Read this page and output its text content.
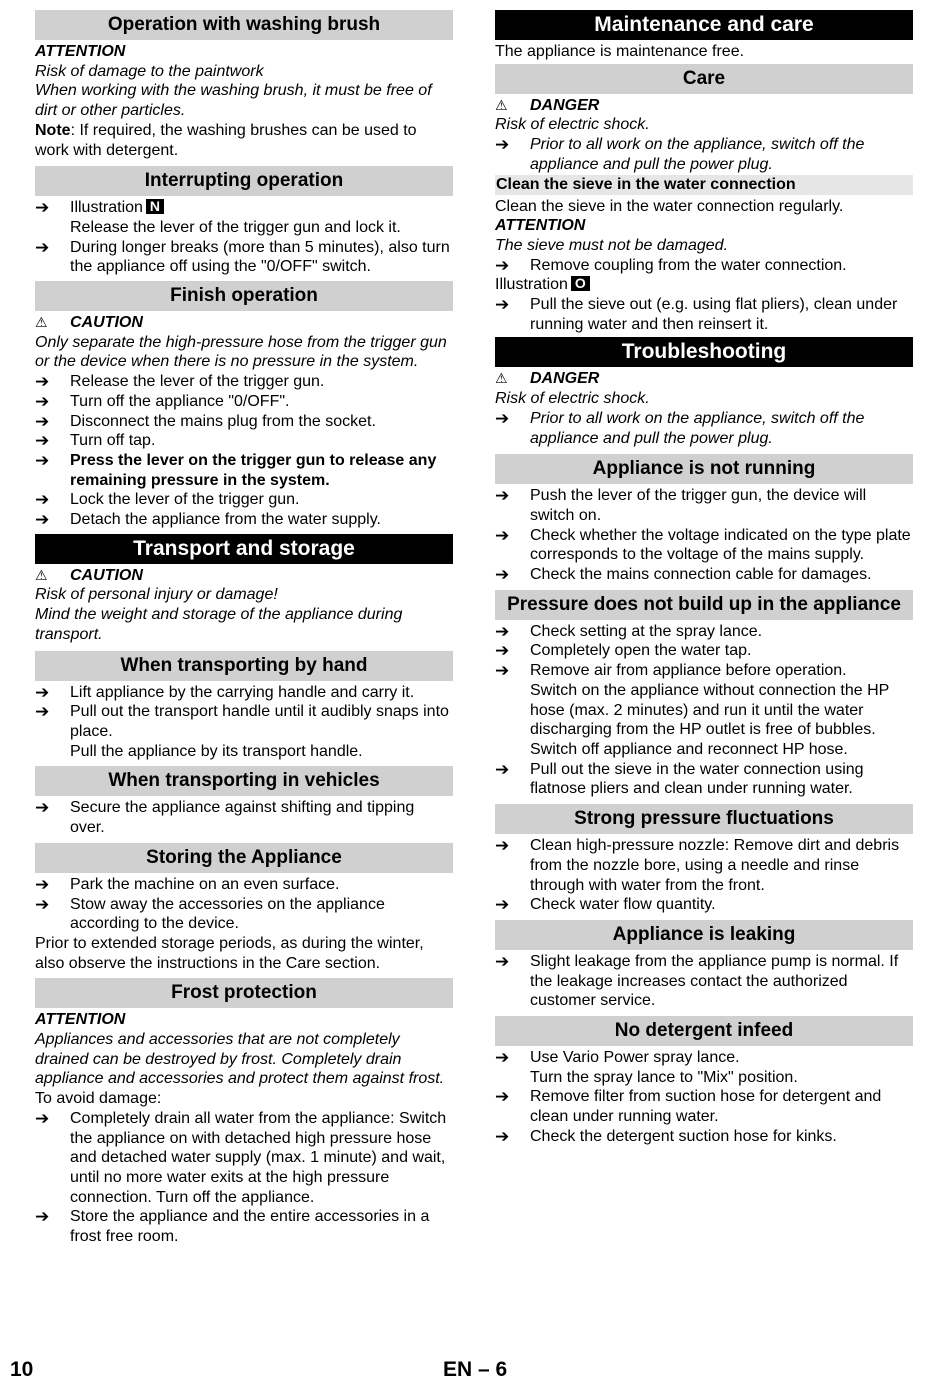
Operation with washing brush

ATTENTION

Risk of damage to the paintwork

When working with the washing brush, it must be free of dirt or other particles.

Note: If required, the washing brushes can be used to work with detergent.

Interrupting operation
➔	Illustration N
Release the lever of the trigger gun and lock it.
➔	During longer breaks (more than 5 minutes), also turn the appliance off using the "0/OFF" switch.
Finish operation
⚠	CAUTION

Only separate the high-pressure hose from the trigger gun or the device when there is no pressure in the system.

➔	Release the lever of the trigger gun.
➔	Turn off the appliance "0/OFF".
➔	Disconnect the mains plug from the socket.
➔	Turn off tap.
➔	Press the lever on the trigger gun to release any remaining pressure in the system.
➔	Lock the lever of the trigger gun.
➔	Detach the appliance from the water supply.
Transport and storage
⚠	CAUTION

Risk of personal injury or damage!

Mind the weight and storage of the appliance during transport.

When transporting by hand
➔	Lift appliance by the carrying handle and carry it.
➔	Pull out the transport handle until it audibly snaps into place.
Pull the appliance by its transport handle.
When transporting in vehicles
➔	Secure the appliance against shifting and tipping over.
Storing the Appliance
➔	Park the machine on an even surface.
➔	Stow away the accessories on the appliance according to the device.

Prior to extended storage periods, as during the winter, also observe the instructions in the Care section.

Frost protection

ATTENTION

Appliances and accessories that are not completely drained can be destroyed by frost. Completely drain appliance and accessories and protect them against frost.

To avoid damage:

➔	Completely drain all water from the appliance: Switch the appliance on with detached high pressure hose and detached water supply (max. 1 minute) and wait, until no more water exits at the high pressure connection. Turn off the appliance.
➔	Store the appliance and the entire accessories in a frost free room.
Maintenance and care

The appliance is maintenance free.

Care
⚠	DANGER

Risk of electric shock.

➔	Prior to all work on the appliance, switch off the appliance and pull the power plug.
Clean the sieve in the water connection

Clean the sieve in the water connection regularly.

ATTENTION

The sieve must not be damaged.

➔	Remove coupling from the water connection.

Illustration O

➔	Pull the sieve out (e.g. using flat pliers), clean under running water and then reinsert it.
Troubleshooting
⚠	DANGER

Risk of electric shock.

➔	Prior to all work on the appliance, switch off the appliance and pull the power plug.
Appliance is not running
➔	Push the lever of the trigger gun, the device will switch on.
➔	Check whether the voltage indicated on the type plate corresponds to the voltage of the mains supply.
➔	Check the mains connection cable for damages.
Pressure does not build up in the appliance
➔	Check setting at the spray lance.
➔	Completely open the water tap.
➔	Remove air from appliance before operation.
Switch on the appliance without connection the HP hose (max. 2 minutes) and run it until the water discharging from the HP outlet is free of bubbles.
Switch off appliance and reconnect HP hose.
➔	Pull out the sieve in the water connection using flatnose pliers and clean under running water.
Strong pressure fluctuations
➔	Clean high-pressure nozzle: Remove dirt and debris from the nozzle bore, using a needle and rinse through with water from the front.
➔	Check water flow quantity.
Appliance is leaking
➔	Slight leakage from the appliance pump is normal. If the leakage increases contact the authorized customer service.
No detergent infeed
➔	Use Vario Power spray lance.
Turn the spray lance to "Mix" position.
➔	Remove filter from suction hose for detergent and clean under running water.
➔	Check the detergent suction hose for kinks.
10	EN – 6
